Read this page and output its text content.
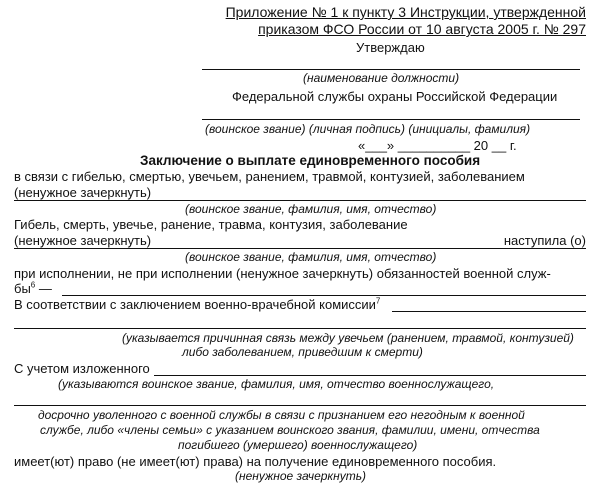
Приложение № 1 к пункту 3 Инструкции, утвержденной
приказом ФСО России от 10 августа 2005 г. № 297
Утверждаю
(наименование должности)
Федеральной службы охраны Российской Федерации
(воинское звание) (личная подпись) (инициалы, фамилия)
«___» __________ 20 __ г.
Заключение о выплате единовременного пособия
в связи с гибелью, смертью, увечьем, ранением, травмой, контузией, заболеванием
(ненужное зачеркнуть)
(воинское звание, фамилия, имя, отчество)
Гибель, смерть, увечье, ранение, травма, контузия, заболевание
(ненужное зачеркнуть)	наступила (о)
(воинское звание, фамилия, имя, отчество)
при исполнении, не при исполнении (ненужное зачеркнуть) обязанностей военной служ-
$бы^6$ —
В соответствии с заключением военно-врачебной комиссии$^7$
(указывается причинная связь между увечьем (ранением, травмой, контузией)
либо заболеванием, приведшим к смерти)
С учетом изложенного
(указываются воинское звание, фамилия, имя, отчество военнослужащего,
досрочно уволенного с военной службы в связи с признанием его негодным к военной
службе, либо «члены семьи» с указанием воинского звания, фамилии, имени, отчества
погибшего (умершего) военнослужащего)
имеет(ют) право (не имеет(ют) права) на получение единовременного пособия.
(ненужное зачеркнуть)
